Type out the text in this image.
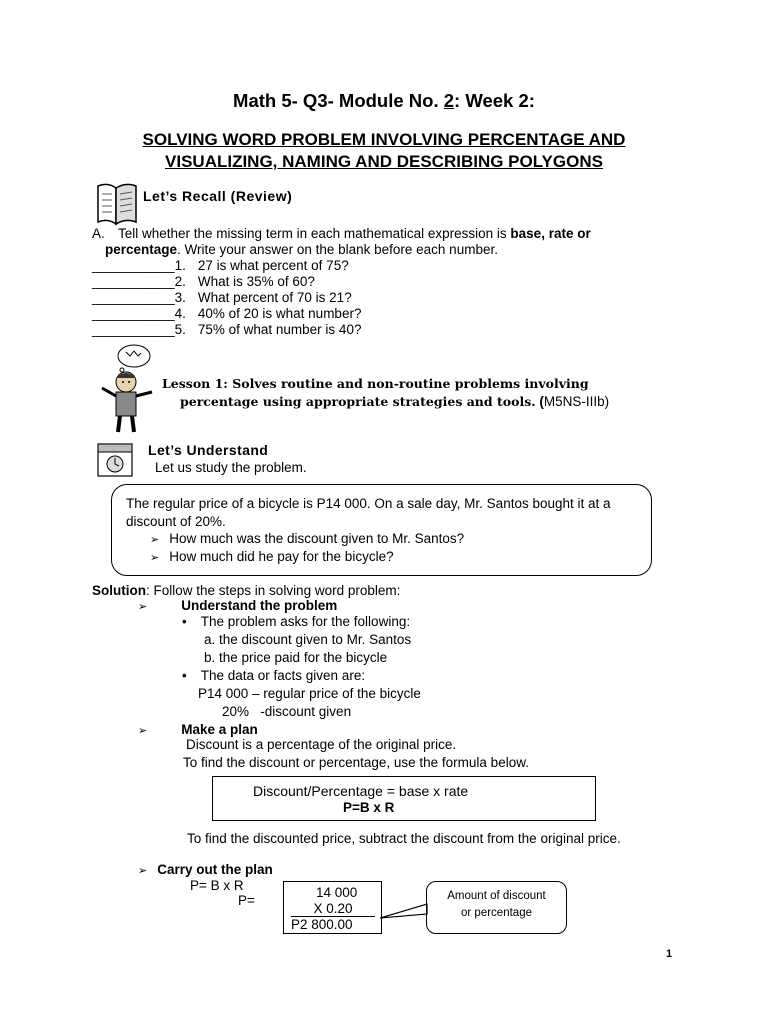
Math 5- Q3- Module No. 2: Week 2:
SOLVING WORD PROBLEM INVOLVING PERCENTAGE AND
VISUALIZING, NAMING AND DESCRIBING POLYGONS
Let’s Recall (Review)
A. Tell whether the missing term in each mathematical expression is base, rate or
percentage. Write your answer on the blank before each number.
___________1. 27 is what percent of 75?
___________2. What is 35% of 60?
___________3. What percent of 70 is 21?
___________4. 40% of 20 is what number?
___________5. 75% of what number is 40?
Lesson 1: Solves routine and non-routine problems involving
percentage using appropriate strategies and tools. (M5NS-IIIb)
Let’s Understand
Let us study the problem.
The regular price of a bicycle is P14 000. On a sale day, Mr. Santos bought it at a
discount of 20%.
➢ How much was the discount given to Mr. Santos?
➢ How much did he pay for the bicycle?
Solution: Follow the steps in solving word problem:
➢	Understand the problem
• The problem asks for the following:
a. the discount given to Mr. Santos
b. the price paid for the bicycle
• The data or facts given are:
P14 000 – regular price of the bicycle
20%   -discount given
➢	Make a plan
Discount is a percentage of the original price.
To find the discount or percentage, use the formula below.
Discount/Percentage = base x rate
P=B x R
To find the discounted price, subtract the discount from the original price.
➢ Carry out the plan
P= B x R
P=
14 000
X 0.20
P2 800.00
Amount of discount
or percentage
1
